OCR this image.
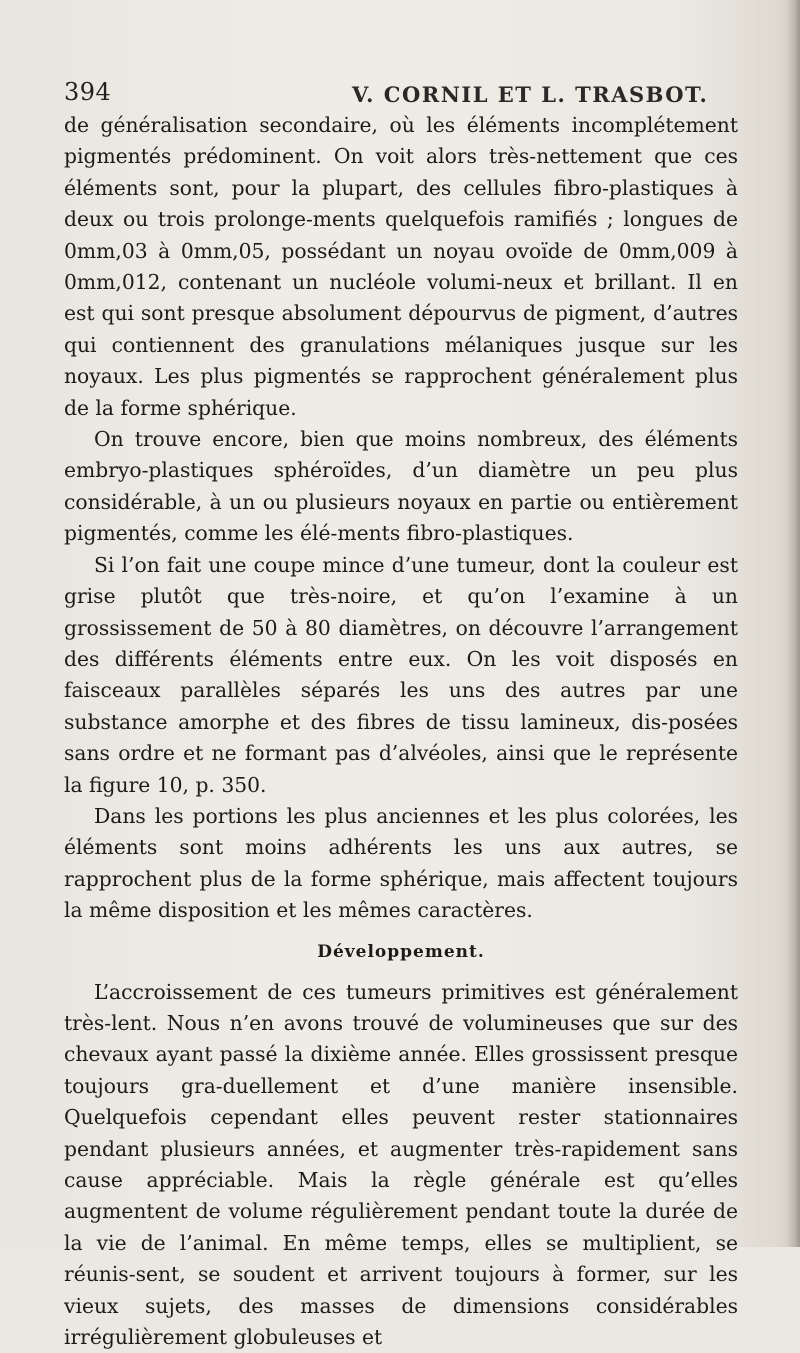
394	V. CORNIL ET L. TRASBOT.

de généralisation secondaire, où les éléments incomplétement pigmentés prédominent. On voit alors très-nettement que ces éléments sont, pour la plupart, des cellules fibro-plastiques à deux ou trois prolonge-ments quelquefois ramifiés ; longues de 0mm,03 à 0mm,05, possédant un noyau ovoïde de 0mm,009 à 0mm,012, contenant un nucléole volumi-neux et brillant. Il en est qui sont presque absolument dépourvus de pigment, d’autres qui contiennent des granulations mélaniques jusque sur les noyaux. Les plus pigmentés se rapprochent généralement plus de la forme sphérique.

On trouve encore, bien que moins nombreux, des éléments embryo-plastiques sphéroïdes, d’un diamètre un peu plus considérable, à un ou plusieurs noyaux en partie ou entièrement pigmentés, comme les élé-ments fibro-plastiques.

Si l’on fait une coupe mince d’une tumeur, dont la couleur est grise plutôt que très-noire, et qu’on l’examine à un grossissement de 50 à 80 diamètres, on découvre l’arrangement des différents éléments entre eux. On les voit disposés en faisceaux parallèles séparés les uns des autres par une substance amorphe et des fibres de tissu lamineux, dis-posées sans ordre et ne formant pas d’alvéoles, ainsi que le représente la figure 10, p. 350.

Dans les portions les plus anciennes et les plus colorées, les éléments sont moins adhérents les uns aux autres, se rapprochent plus de la forme sphérique, mais affectent toujours la même disposition et les mêmes caractères.

Développement.

L’accroissement de ces tumeurs primitives est généralement très-lent. Nous n’en avons trouvé de volumineuses que sur des chevaux ayant passé la dixième année. Elles grossissent presque toujours gra-duellement et d’une manière insensible. Quelquefois cependant elles peuvent rester stationnaires pendant plusieurs années, et augmenter très-rapidement sans cause appréciable. Mais la règle générale est qu’elles augmentent de volume régulièrement pendant toute la durée de la vie de l’animal. En même temps, elles se multiplient, se réunis-sent, se soudent et arrivent toujours à former, sur les vieux sujets, des masses de dimensions considérables irrégulièrement globuleuses et
